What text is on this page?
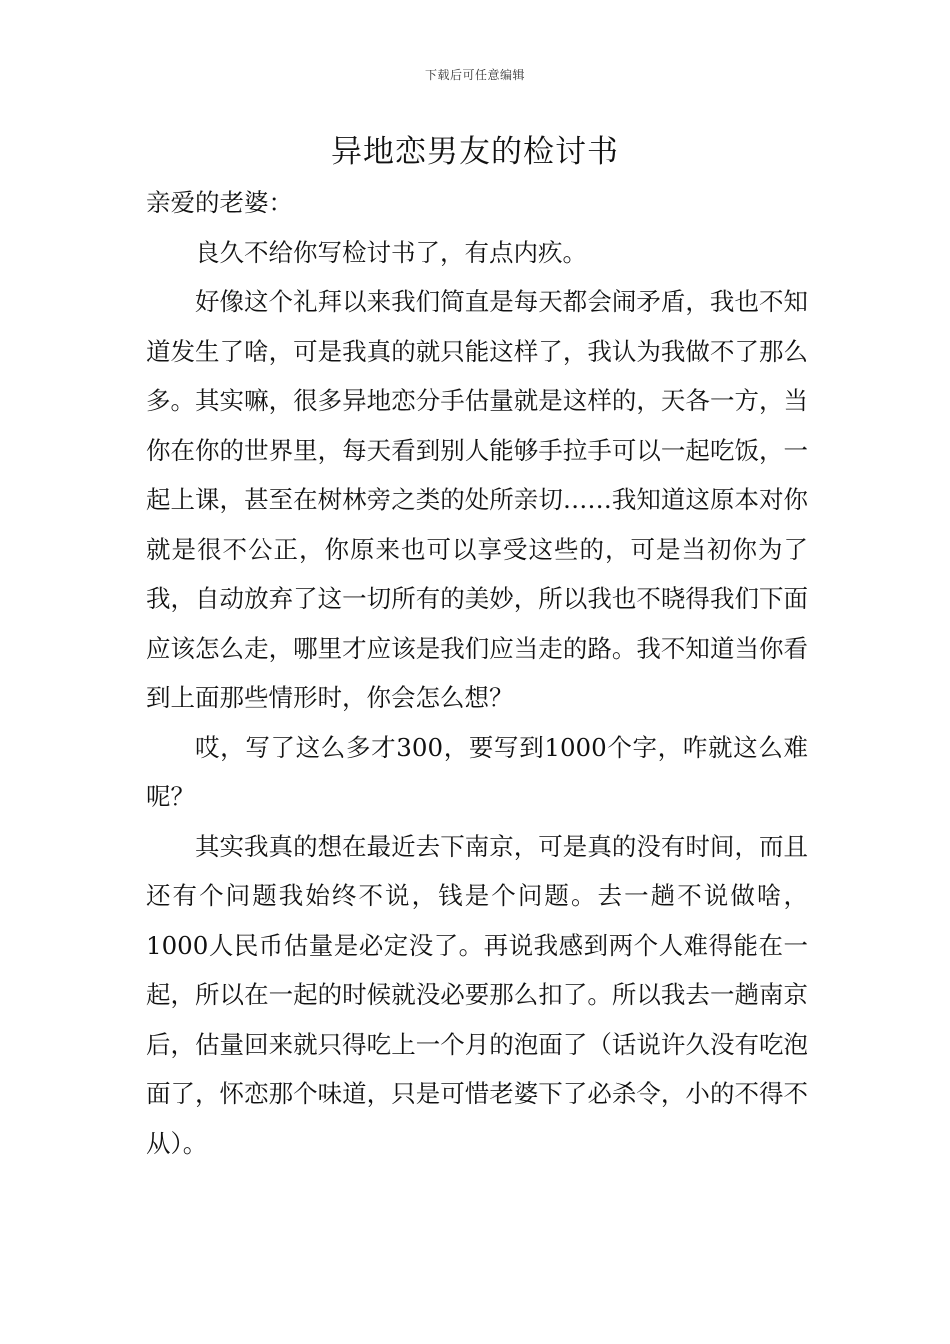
下载后可任意编辑
异地恋男友的检讨书

亲爱的老婆：

良久不给你写检讨书了，有点内疚。

好像这个礼拜以来我们简直是每天都会闹矛盾，我也不知道发生了啥，可是我真的就只能这样了，我认为我做不了那么多。其实嘛，很多异地恋分手估量就是这样的，天各一方，当你在你的世界里，每天看到别人能够手拉手可以一起吃饭，一起上课，甚至在树林旁之类的处所亲切……我知道这原本对你就是很不公正，你原来也可以享受这些的，可是当初你为了我，自动放弃了这一切所有的美妙，所以我也不晓得我们下面应该怎么走，哪里才应该是我们应当走的路。我不知道当你看到上面那些情形时，你会怎么想？

哎，写了这么多才300，要写到1000个字，咋就这么难呢？

其实我真的想在最近去下南京，可是真的没有时间，而且还有个问题我始终不说，钱是个问题。去一趟不说做啥，1000人民币估量是必定没了。再说我感到两个人难得能在一起，所以在一起的时候就没必要那么扣了。所以我去一趟南京后，估量回来就只得吃上一个月的泡面了（话说许久没有吃泡面了，怀恋那个味道，只是可惜老婆下了必杀令，小的不得不从）。
